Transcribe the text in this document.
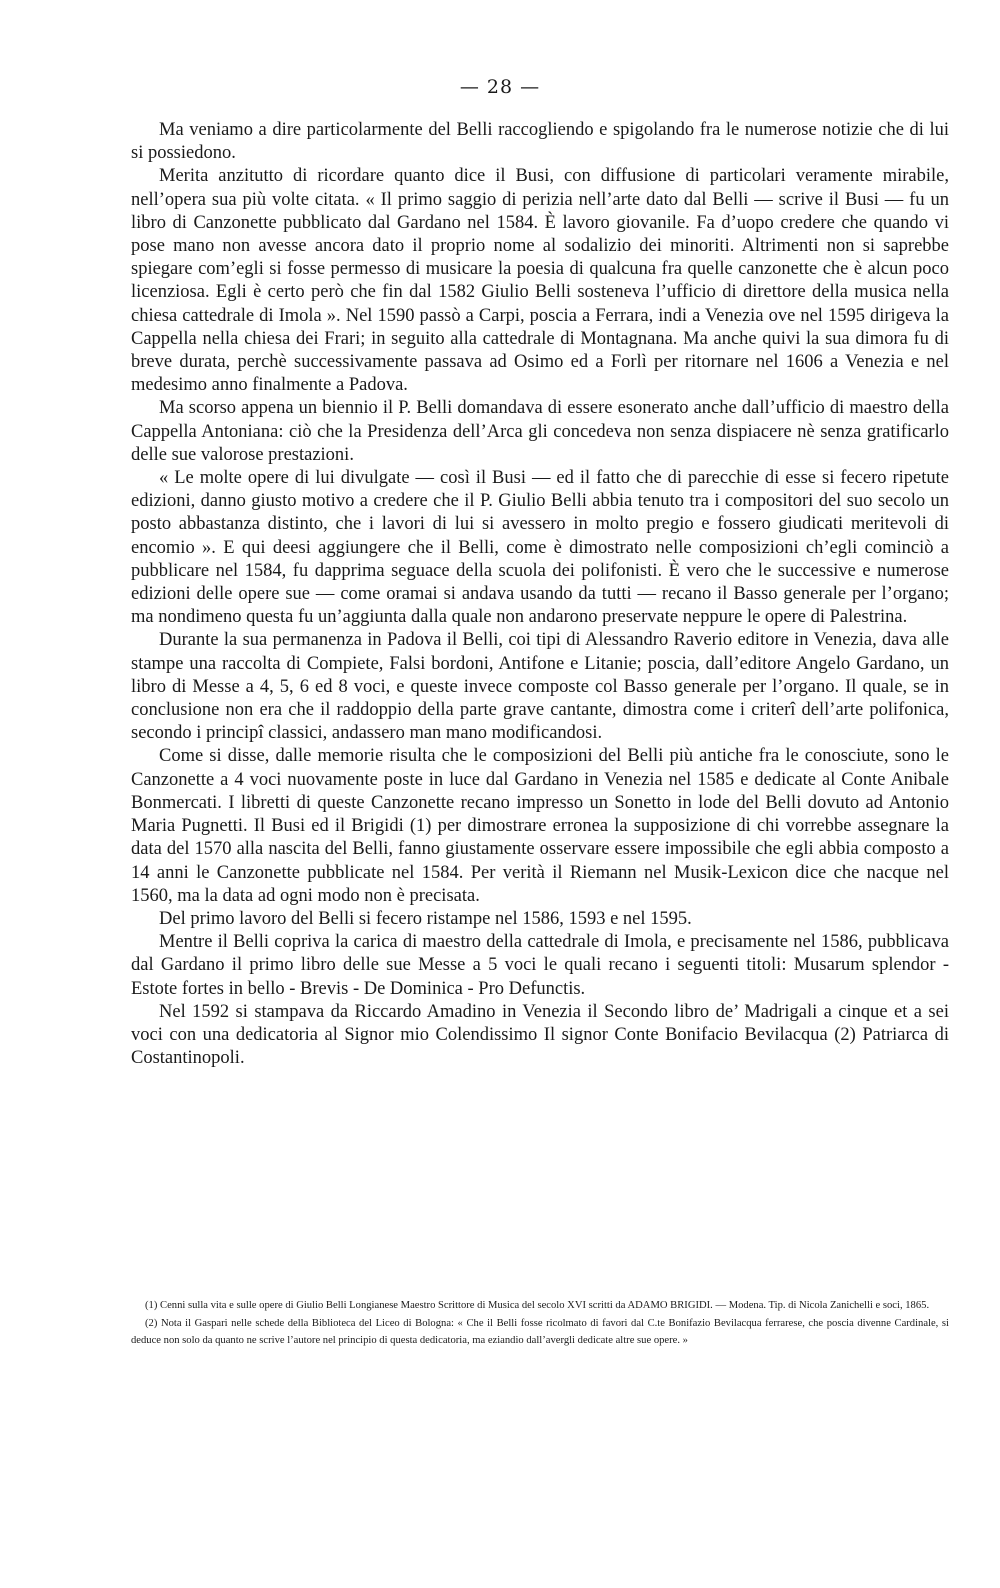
— 28 —

Ma veniamo a dire particolarmente del Belli raccogliendo e spigolando fra le numerose notizie che di lui si possiedono.

Merita anzitutto di ricordare quanto dice il Busi, con diffusione di particolari veramente mirabile, nell’opera sua più volte citata. « Il primo saggio di perizia nell’arte dato dal Belli — scrive il Busi — fu un libro di Canzonette pubblicato dal Gardano nel 1584. È lavoro giovanile. Fa d’uopo credere che quando vi pose mano non avesse ancora dato il proprio nome al sodalizio dei minoriti. Altrimenti non si saprebbe spiegare com’egli si fosse permesso di musicare la poesia di qualcuna fra quelle canzonette che è alcun poco licenziosa. Egli è certo però che fin dal 1582 Giulio Belli sosteneva l’ufficio di direttore della musica nella chiesa cattedrale di Imola ». Nel 1590 passò a Carpi, poscia a Ferrara, indi a Venezia ove nel 1595 dirigeva la Cappella nella chiesa dei Frari; in seguito alla cattedrale di Montagnana. Ma anche quivi la sua dimora fu di breve durata, perchè successivamente passava ad Osimo ed a Forlì per ritornare nel 1606 a Venezia e nel medesimo anno finalmente a Padova.

Ma scorso appena un biennio il P. Belli domandava di essere esonerato anche dall’ufficio di maestro della Cappella Antoniana: ciò che la Presidenza dell’Arca gli concedeva non senza dispiacere nè senza gratificarlo delle sue valorose prestazioni.

« Le molte opere di lui divulgate — così il Busi — ed il fatto che di parecchie di esse si fecero ripetute edizioni, danno giusto motivo a credere che il P. Giulio Belli abbia tenuto tra i compositori del suo secolo un posto abbastanza distinto, che i lavori di lui si avessero in molto pregio e fossero giudicati meritevoli di encomio ». E qui deesi aggiungere che il Belli, come è dimostrato nelle composizioni ch’egli cominciò a pubblicare nel 1584, fu dapprima seguace della scuola dei polifonisti. È vero che le successive e numerose edizioni delle opere sue — come oramai si andava usando da tutti — recano il Basso generale per l’organo; ma nondimeno questa fu un’aggiunta dalla quale non andarono preservate neppure le opere di Palestrina.

Durante la sua permanenza in Padova il Belli, coi tipi di Alessandro Raverio editore in Venezia, dava alle stampe una raccolta di Compiete, Falsi bordoni, Antifone e Litanie; poscia, dall’editore Angelo Gardano, un libro di Messe a 4, 5, 6 ed 8 voci, e queste invece composte col Basso generale per l’organo. Il quale, se in conclusione non era che il raddoppio della parte grave cantante, dimostra come i criterî dell’arte polifonica, secondo i principî classici, andassero man mano modificandosi.

Come si disse, dalle memorie risulta che le composizioni del Belli più antiche fra le conosciute, sono le Canzonette a 4 voci nuovamente poste in luce dal Gardano in Venezia nel 1585 e dedicate al Conte Anibale Bonmercati. I libretti di queste Canzonette recano impresso un Sonetto in lode del Belli dovuto ad Antonio Maria Pugnetti. Il Busi ed il Brigidi (1) per dimostrare erronea la supposizione di chi vorrebbe assegnare la data del 1570 alla nascita del Belli, fanno giustamente osservare essere impossibile che egli abbia composto a 14 anni le Canzonette pubblicate nel 1584. Per verità il Riemann nel Musik-Lexicon dice che nacque nel 1560, ma la data ad ogni modo non è precisata.

Del primo lavoro del Belli si fecero ristampe nel 1586, 1593 e nel 1595.

Mentre il Belli copriva la carica di maestro della cattedrale di Imola, e precisamente nel 1586, pubblicava dal Gardano il primo libro delle sue Messe a 5 voci le quali recano i seguenti titoli: Musarum splendor - Estote fortes in bello - Brevis - De Dominica - Pro Defunctis.

Nel 1592 si stampava da Riccardo Amadino in Venezia il Secondo libro de’ Madrigali a cinque et a sei voci con una dedicatoria al Signor mio Colendissimo Il signor Conte Bonifacio Bevilacqua (2) Patriarca di Costantinopoli.

(1) Cenni sulla vita e sulle opere di Giulio Belli Longianese Maestro Scrittore di Musica del secolo XVI scritti da ADAMO BRIGIDI. — Modena. Tip. di Nicola Zanichelli e soci, 1865.

(2) Nota il Gaspari nelle schede della Biblioteca del Liceo di Bologna: « Che il Belli fosse ricolmato di favori dal C.te Bonifazio Bevilacqua ferrarese, che poscia divenne Cardinale, si deduce non solo da quanto ne scrive l’autore nel principio di questa dedicatoria, ma eziandio dall’avergli dedicate altre sue opere. »
